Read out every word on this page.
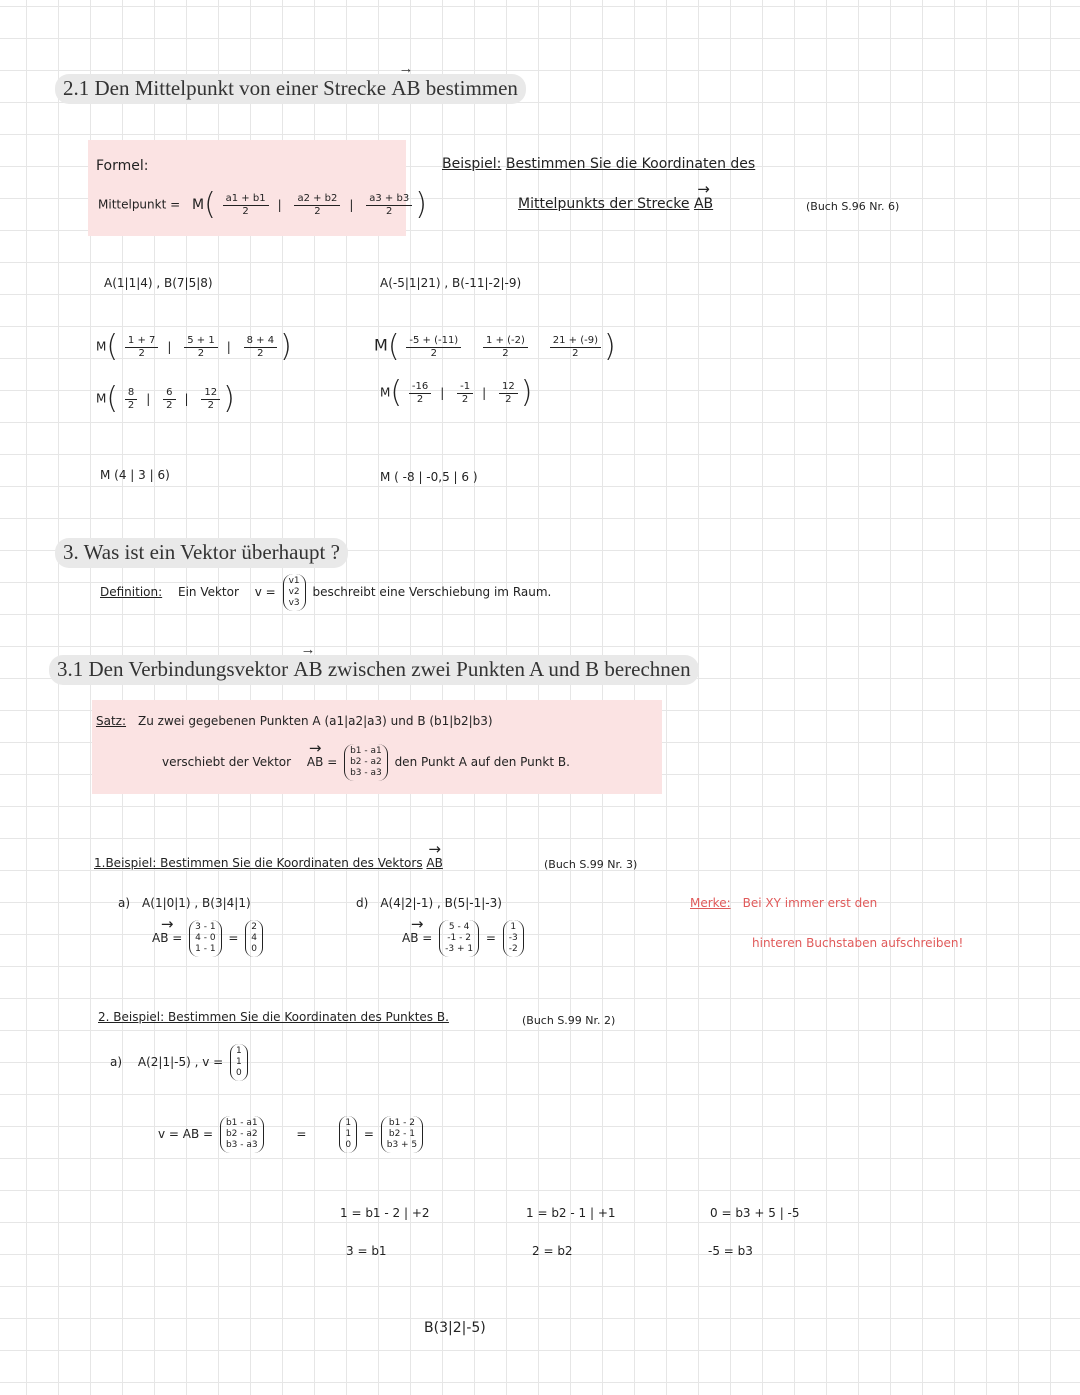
2.1 Den Mittelpunkt von einer Strecke → AB bestimmen
Formel:
Mittelpunkt = $M( \frac{a1 + b1}{2}$ | $\frac{a2 + b2}{2}$ | $\frac{a3 + b3}{2}$ )
Beispiel: Bestimmen Sie die Koordinaten des
Mittelpunkts der Strecke → AB	(Buch S.96 Nr. 6)
A(1|1|4) , B(7|5|8)
$M( \frac{1 + 7}{2}$ | $\frac{5 + 1}{2}$ | $\frac{8 + 4}{2}$ )
$M( \frac{8}{2}$ | $\frac{6}{2}$ | $\frac{12}{2}$ )
M (4 | 3 | 6)
A(-5|1|21) , B(-11|-2|-9)
$M( \frac{-5 + (-11)}{2}$
$\frac{1 + (-2)}{2}$
$\frac{21 + (-9)}{2}$ )
$M( \frac{-16}{2}$ | $\frac{-1}{2}$ | $\frac{12}{2}$ )
M ( -8 | -0,5 | 6 )
3. Was ist ein Vektor überhaupt ?
Definition: Ein Vektor v =
v1
v2
v3
beschreibt eine Verschiebung im Raum.
3.1 Den Verbindungsvektor → AB zwischen zwei Punkten A und B berechnen
Satz: Zu zwei gegebenen Punkten A (a1|a2|a3) und B (b1|b2|b3)
verschiebt der Vektor → AB =
b1 - a1
b2 - a2
b3 - a3
den Punkt A auf den Punkt B.
1.Beispiel: Bestimmen Sie die Koordinaten des Vektors → AB	(Buch S.99 Nr. 3)
a) A(1|0|1) , B(3|4|1)
→ AB =
3 - 1
4 - 0
1 - 1
=
2
4
0
d) A(4|2|-1) , B(5|-1|-3)
→ AB =
5 - 4
-1 - 2
-3 + 1
=
1
-3
-2
Merke: Bei XY immer erst den
hinteren Buchstaben aufschreiben!
2. Beispiel: Bestimmen Sie die Koordinaten des Punktes B.	(Buch S.99 Nr. 2)
a) A(2|1|-5) , v =
1
1
0
v = AB =
b1 - a1
b2 - a2
b3 - a3
=
1
1
0
=
b1 - 2
b2 - 1
b3 + 5
1 = b1 - 2 | +2	1 = b2 - 1 | +1	0 = b3 + 5 | -5
3 = b1	2 = b2	-5 = b3
B(3|2|-5)
